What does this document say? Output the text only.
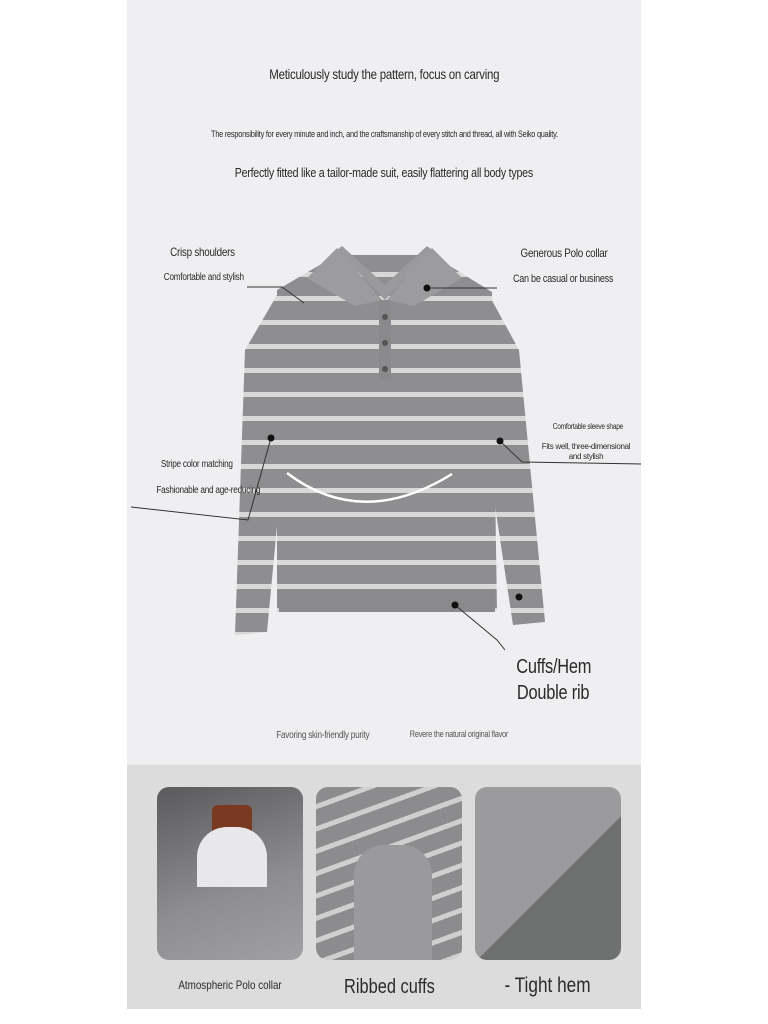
Meticulously study the pattern, focus on carving
The responsibility for every minute and inch, and the craftsmanship of every stitch and thread, all with Seiko quality.
Perfectly fitted like a tailor-made suit, easily flattering all body types
Crisp shoulders
Comfortable and stylish
Generous Polo collar
Can be casual or business
Stripe color matching
Fashionable and age-reducing
Comfortable sleeve shape
Fits well, three-dimensional and stylish
Cuffs/Hem
Double rib
Favoring skin-friendly purity	Revere the natural original flavor
Atmospheric Polo collar	Ribbed cuffs	- Tight hem
